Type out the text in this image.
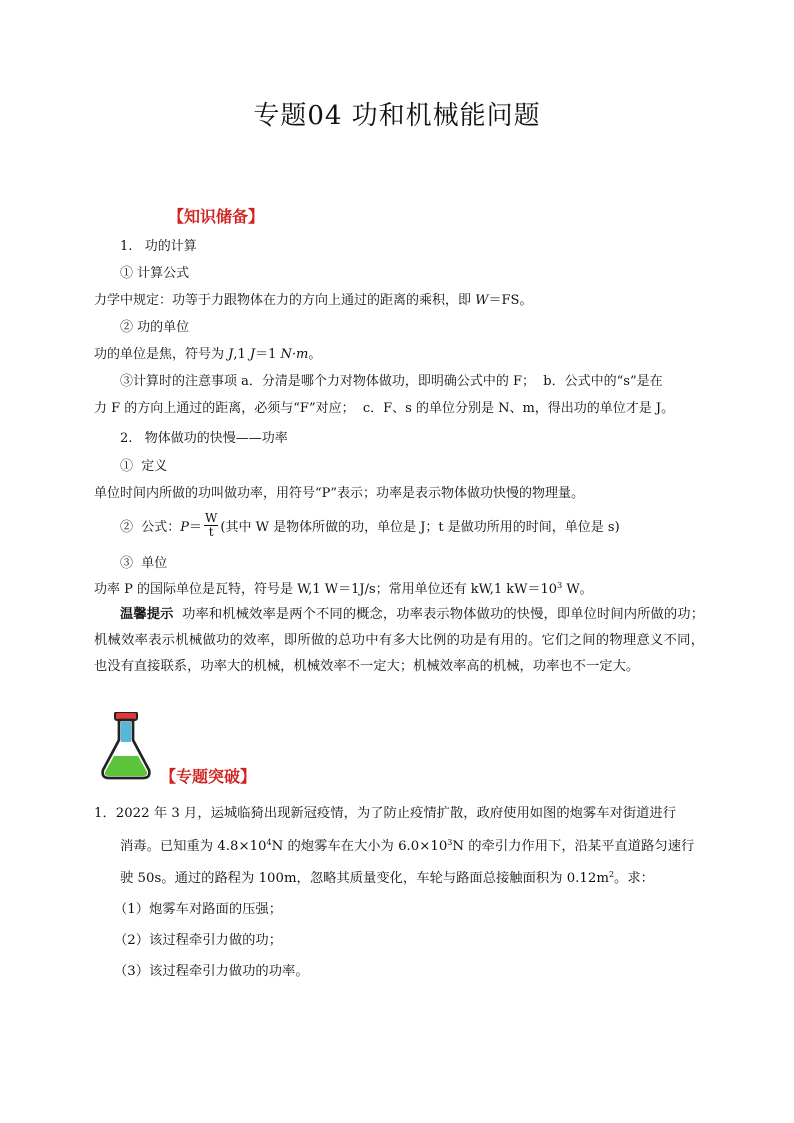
专题04 功和机械能问题
【知识储备】
1.   功的计算
① 计算公式
力学中规定：功等于力跟物体在力的方向上通过的距离的乘积，即 W＝FS。
② 功的单位
功的单位是焦，符号为 J,1 J＝1 N·m。
③计算时的注意事项 a．分清是哪个力对物体做功，即明确公式中的 F；  b．公式中的“s”是在
力 F 的方向上通过的距离，必须与“F”对应；  c．F、s 的单位分别是 N、m，得出功的单位才是 J。
2.   物体做功的快慢——功率
①  定义
单位时间内所做的功叫做功率，用符号“P”表示；功率是表示物体做功快慢的物理量。
②  公式：$P= \frac{W}{t}$ (其中 W 是物体所做的功，单位是 J；t 是做功所用的时间，单位是 s)
③  单位
功率 P 的国际单位是瓦特，符号是 W,1 W＝1J/s；常用单位还有 kW,1 $kW=10^3$ W。
温馨提示 功率和机械效率是两个不同的概念，功率表示物体做功的快慢，即单位时间内所做的功；机械效率表示机械做功的效率，即所做的总功中有多大比例的功是有用的。它们之间的物理意义不同，也没有直接联系，功率大的机械，机械效率不一定大；机械效率高的机械，功率也不一定大。
【专题突破】
1．2022 年 3 月，运城临猗出现新冠疫情，为了防止疫情扩散，政府使用如图的炮雾车对街道进行
消毒。已知重为 $4.8\times 10^4N$ 的炮雾车在大小为 $6.0\times 10^3N$ 的牵引力作用下，沿某平直道路匀速行
驶 50s。通过的路程为 100m，忽略其质量变化，车轮与路面总接触面积为 $0.12m^2$。求：
（1）炮雾车对路面的压强；
（2）该过程牵引力做的功；
（3）该过程牵引力做功的功率。
